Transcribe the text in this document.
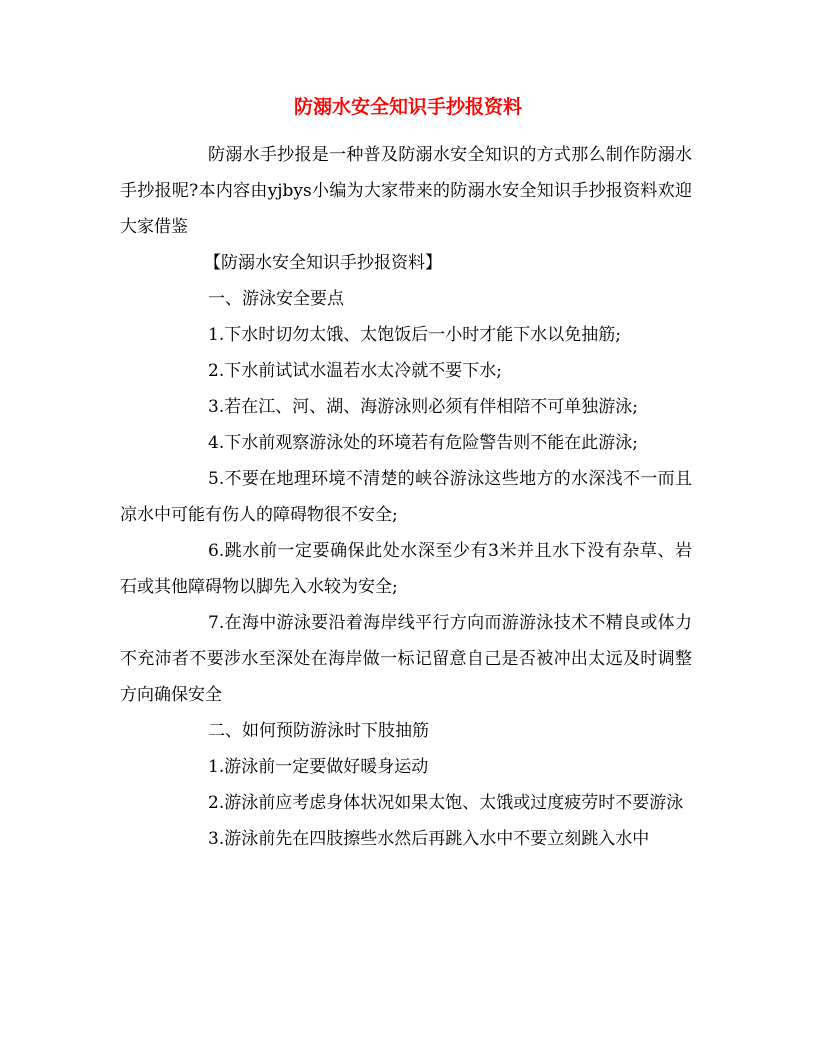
防溺水安全知识手抄报资料

防溺水手抄报是一种普及防溺水安全知识的方式那么制作防溺水手抄报呢?本内容由yjbys小编为大家带来的防溺水安全知识手抄报资料欢迎大家借鉴

【防溺水安全知识手抄报资料】

一、游泳安全要点

1.下水时切勿太饿、太饱饭后一小时才能下水以免抽筋;

2.下水前试试水温若水太冷就不要下水;

3.若在江、河、湖、海游泳则必须有伴相陪不可单独游泳;

4.下水前观察游泳处的环境若有危险警告则不能在此游泳;

5.不要在地理环境不清楚的峡谷游泳这些地方的水深浅不一而且凉水中可能有伤人的障碍物很不安全;

6.跳水前一定要确保此处水深至少有3米并且水下没有杂草、岩石或其他障碍物以脚先入水较为安全;

7.在海中游泳要沿着海岸线平行方向而游游泳技术不精良或体力不充沛者不要涉水至深处在海岸做一标记留意自己是否被冲出太远及时调整方向确保安全

二、如何预防游泳时下肢抽筋

1.游泳前一定要做好暖身运动

2.游泳前应考虑身体状况如果太饱、太饿或过度疲劳时不要游泳

3.游泳前先在四肢擦些水然后再跳入水中不要立刻跳入水中
